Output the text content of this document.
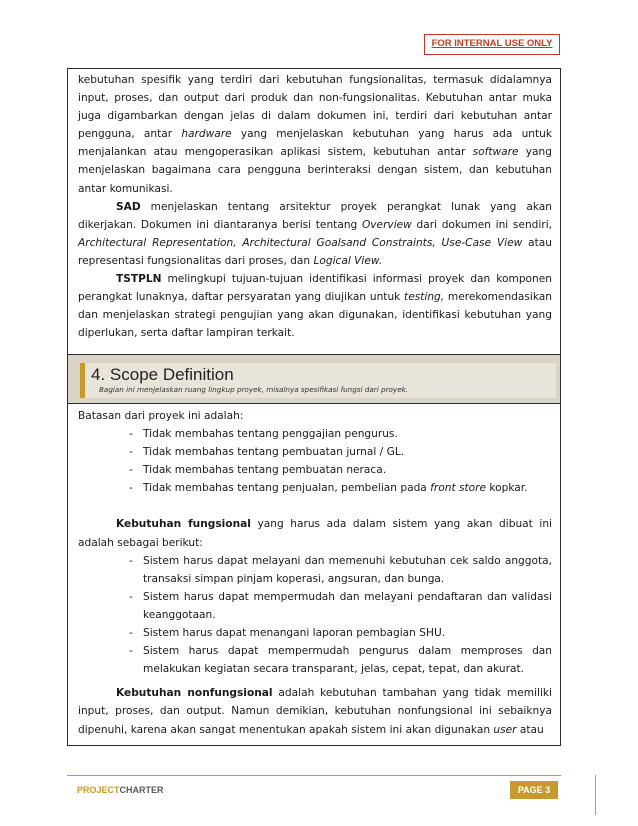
FOR INTERNAL USE ONLY

kebutuhan spesifik yang terdiri dari kebutuhan fungsionalitas, termasuk didalamnya input, proses, dan output dari produk dan non-fungsionalitas. Kebutuhan antar muka juga digambarkan dengan jelas di dalam dokumen ini, terdiri dari kebutuhan antar pengguna, antar hardware yang menjelaskan kebutuhan yang harus ada untuk menjalankan atau mengoperasikan aplikasi sistem, kebutuhan antar software yang menjelaskan bagaimana cara pengguna berinteraksi dengan sistem, dan kebutuhan antar komunikasi.

SAD menjelaskan tentang arsitektur proyek perangkat lunak yang akan dikerjakan. Dokumen ini diantaranya berisi tentang Overview dari dokumen ini sendiri, Architectural Representation, Architectural Goalsand Constraints, Use-Case View atau representasi fungsionalitas dari proses, dan Logical View.

TSTPLN melingkupi tujuan-tujuan identifikasi informasi proyek dan komponen perangkat lunaknya, daftar persyaratan yang diujikan untuk testing, merekomendasikan dan menjelaskan strategi pengujian yang akan digunakan, identifikasi kebutuhan yang diperlukan, serta daftar lampiran terkait.

4. Scope Definition
Bagian ini menjelaskan ruang lingkup proyek, misalnya spesifikasi fungsi dari proyek.

Batasan dari proyek ini adalah:

- Tidak membahas tentang penggajian pengurus.
- Tidak membahas tentang pembuatan jurnal / GL.
- Tidak membahas tentang pembuatan neraca.
- Tidak membahas tentang penjualan, pembelian pada front store kopkar.

Kebutuhan fungsional yang harus ada dalam sistem yang akan dibuat ini adalah sebagai berikut:

- Sistem harus dapat melayani dan memenuhi kebutuhan cek saldo anggota, transaksi simpan pinjam koperasi, angsuran, dan bunga.
- Sistem harus dapat mempermudah dan melayani pendaftaran dan validasi keanggotaan.
- Sistem harus dapat menangani laporan pembagian SHU.
- Sistem harus dapat mempermudah pengurus dalam memproses dan melakukan kegiatan secara transparant, jelas, cepat, tepat, dan akurat.

Kebutuhan nonfungsional adalah kebutuhan tambahan yang tidak memiliki input, proses, dan output. Namun demikian, kebutuhan nonfungsional ini sebaiknya dipenuhi, karena akan sangat menentukan apakah sistem ini akan digunakan user atau

PROJECTCHARTER	PAGE 3
